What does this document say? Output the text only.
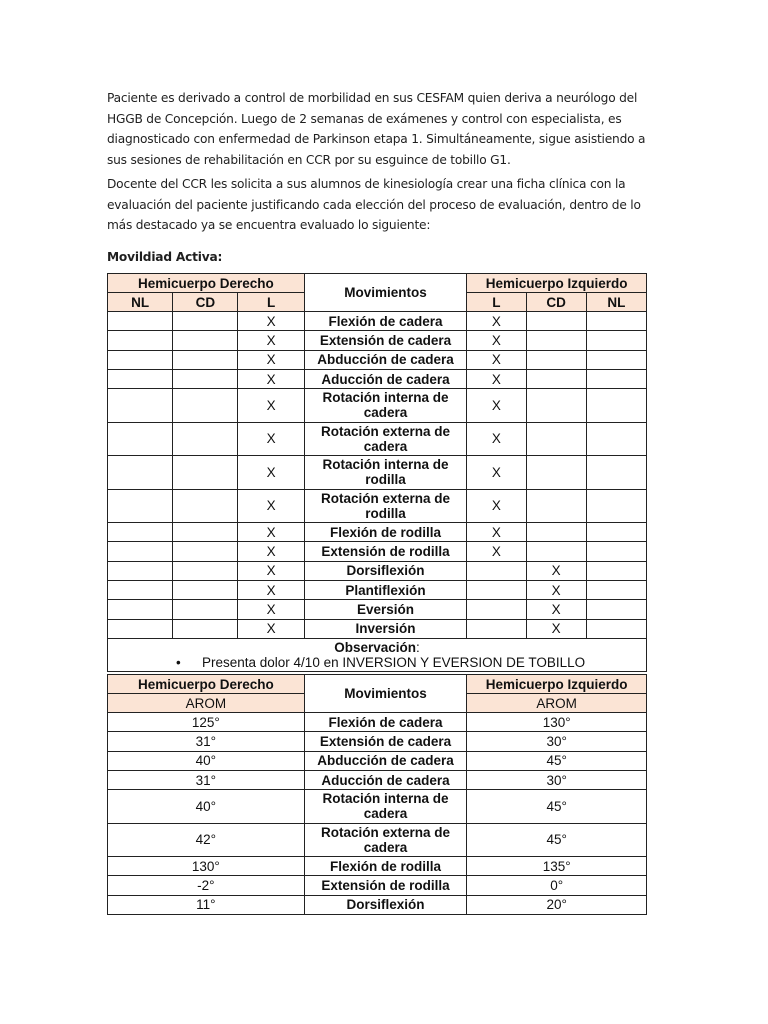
Paciente es derivado a control de morbilidad en sus CESFAM quien deriva a neurólogo del HGGB de Concepción. Luego de 2 semanas de exámenes y control con especialista, es diagnosticado con enfermedad de Parkinson etapa 1. Simultáneamente, sigue asistiendo a sus sesiones de rehabilitación en CCR por su esguince de tobillo G1.

Docente del CCR les solicita a sus alumnos de kinesiología crear una ficha clínica con la evaluación del paciente justificando cada elección del proceso de evaluación, dentro de lo más destacado ya se encuentra evaluado lo siguiente:

Movildiad Activa:

Hemicuerpo Derecho			Movimientos	Hemicuerpo Izquierdo		
NL	CD	L		L	CD	NL
		X	Flexión de cadera	X		
		X	Extensión de cadera	X		
		X	Abducción de cadera	X		
		X	Aducción de cadera	X		
		X	Rotación interna de cadera	X		
		X	Rotación externa de cadera	X		
		X	Rotación interna de rodilla	X		
		X	Rotación externa de rodilla	X		
		X	Flexión de rodilla	X		
		X	Extensión de rodilla	X		
		X	Dorsiflexión		X	
		X	Plantiflexión		X	
		X	Eversión		X	
		X	Inversión		X	
Observación:
• Presenta dolor 4/10 en INVERSION Y EVERSION DE TOBILLO						
Hemicuerpo Derecho	Movimientos	Hemicuerpo Izquierdo
AROM		AROM
125°	Flexión de cadera	130°
31°	Extensión de cadera	30°
40°	Abducción de cadera	45°
31°	Aducción de cadera	30°
40°	Rotación interna de cadera	45°
42°	Rotación externa de cadera	45°
130°	Flexión de rodilla	135°
-2°	Extensión de rodilla	0°
11°	Dorsiflexión	20°
